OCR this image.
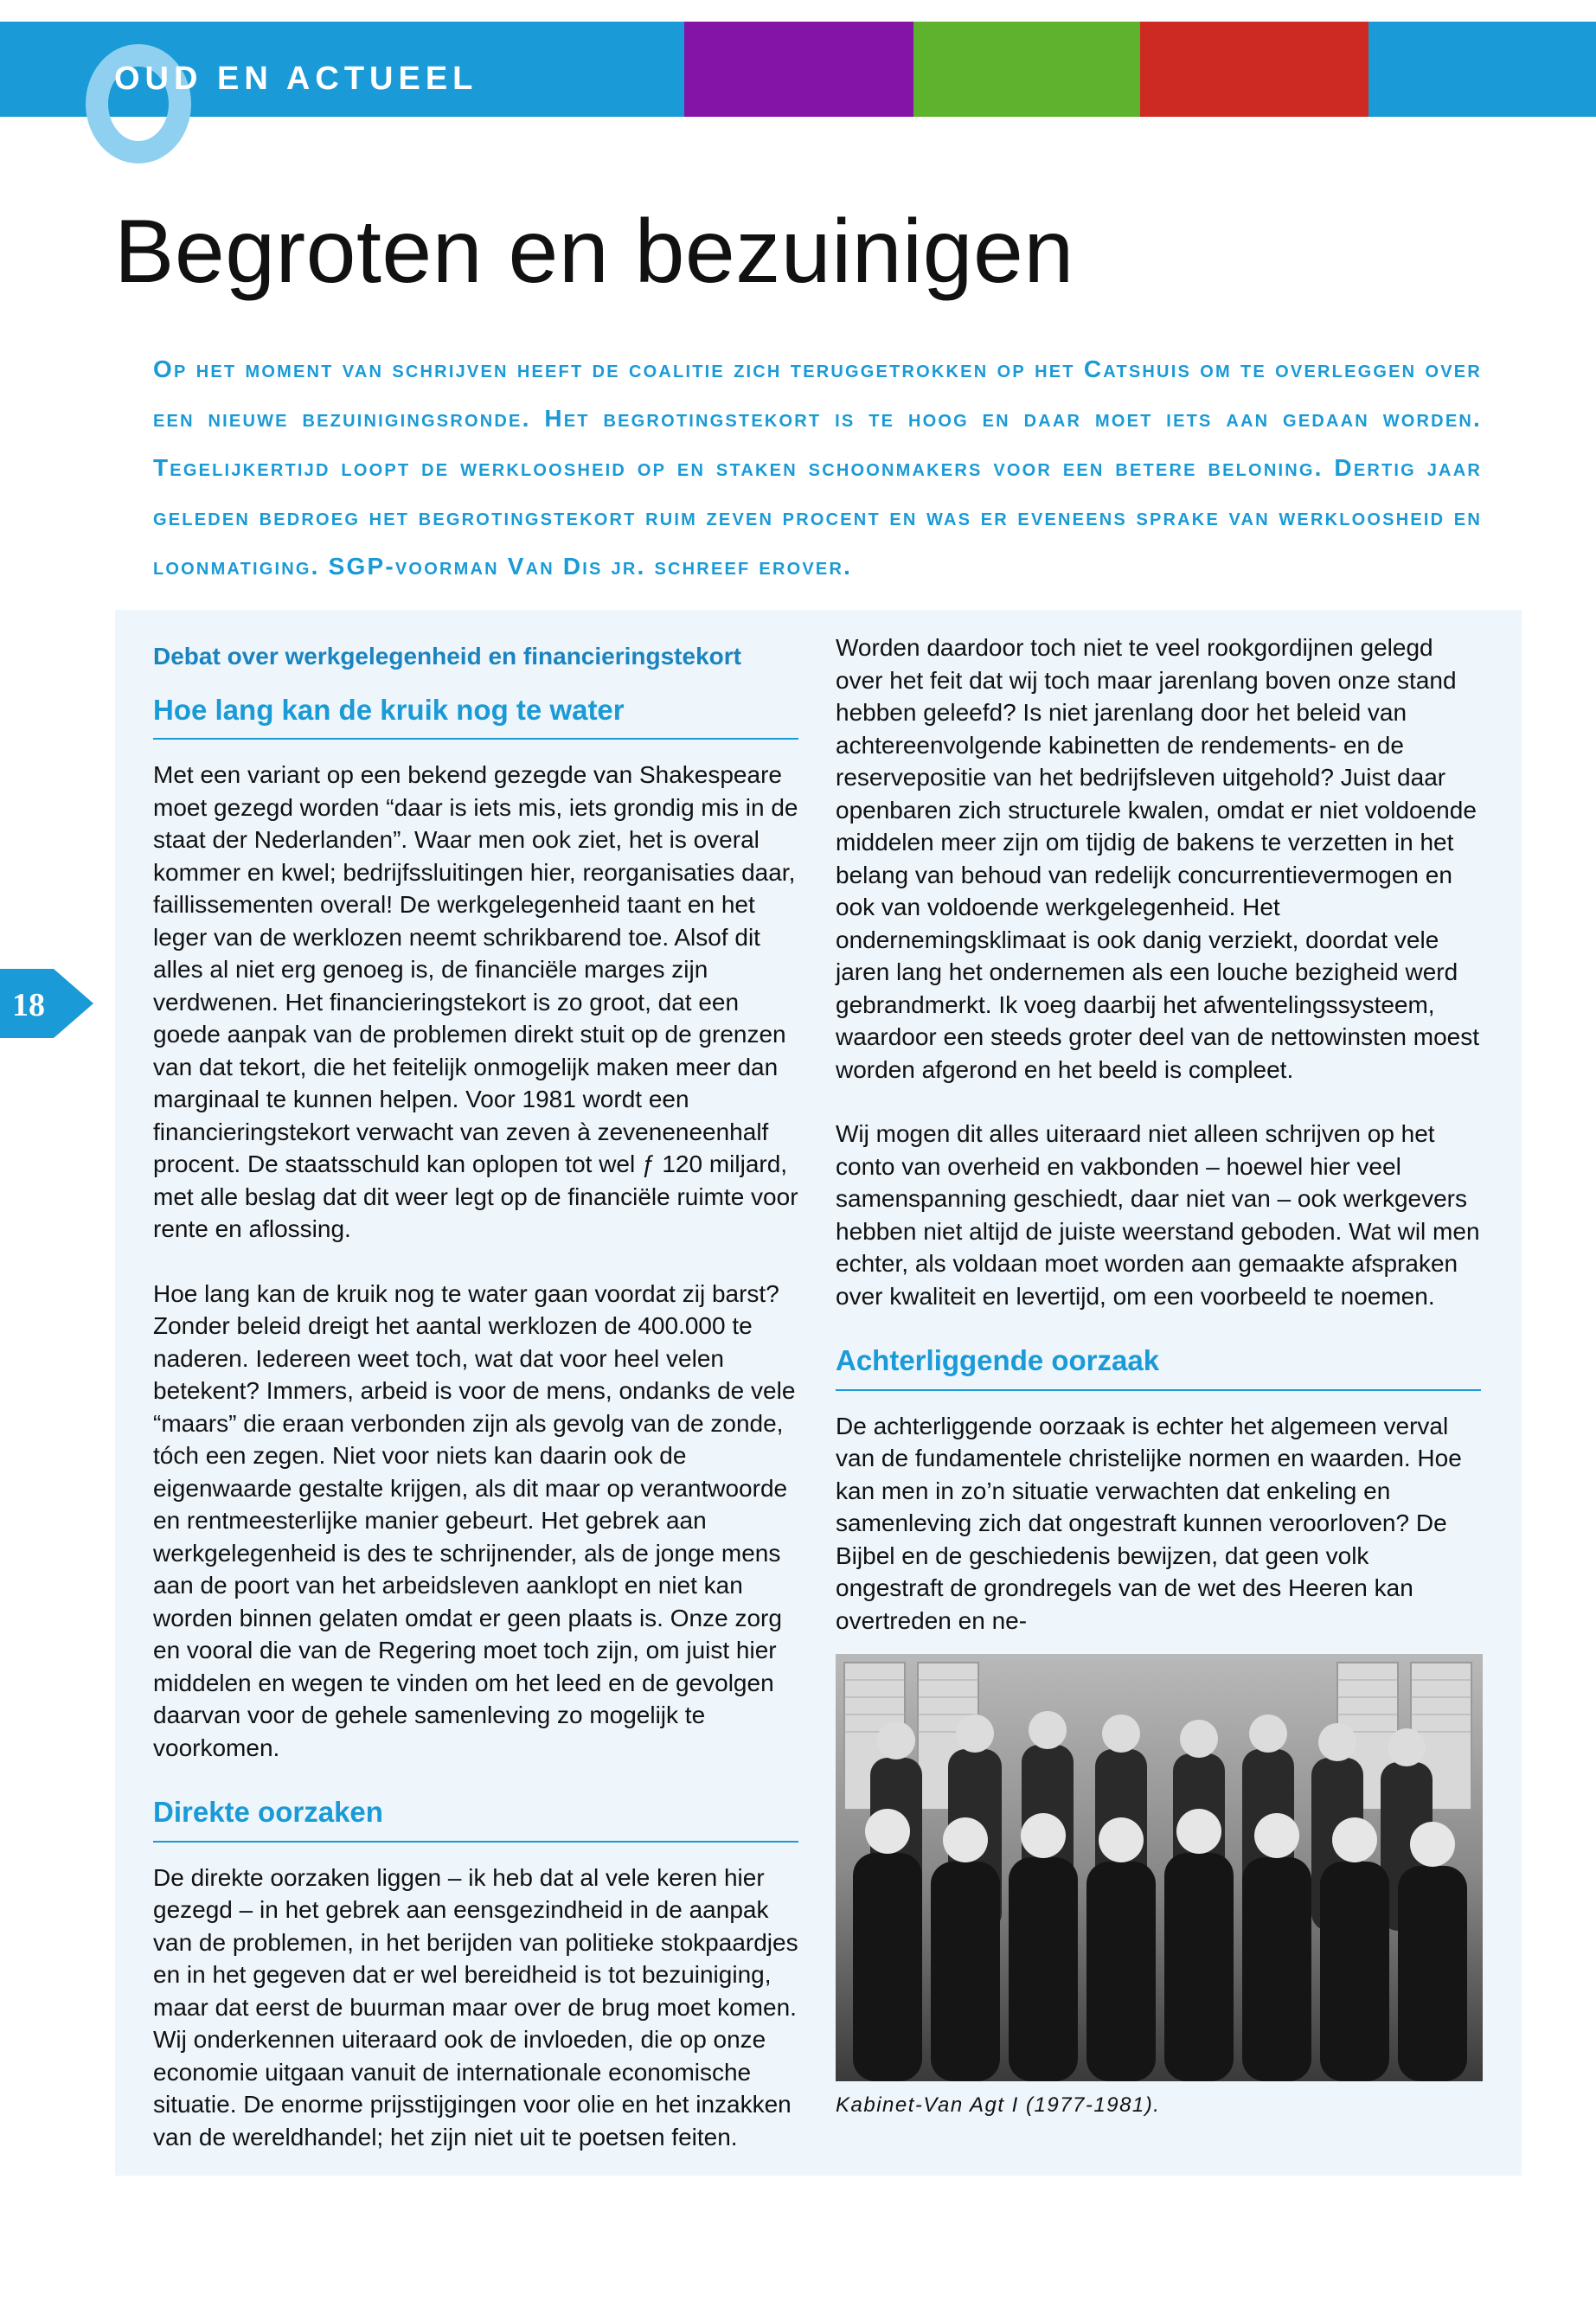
OUD EN ACTUEEL
Begroten en bezuinigen

Op het moment van schrijven heeft de coalitie zich teruggetrokken op het Catshuis om te overleggen over een nieuwe bezuinigingsronde. Het begrotingstekort is te hoog en daar moet iets aan gedaan worden. Tegelijkertijd loopt de werkloosheid op en staken schoonmakers voor een betere beloning. Dertig jaar geleden bedroeg het begrotingstekort ruim zeven procent en was er eveneens sprake van werkloosheid en loonmatiging. SGP-voorman Van Dis jr. schreef erover.

18
Debat over werkgelegenheid en financieringstekort
Hoe lang kan de kruik nog te water

Met een variant op een bekend gezegde van Shakespeare moet gezegd worden “daar is iets mis, iets grondig mis in de staat der Nederlanden”. Waar men ook ziet, het is overal kommer en kwel; bedrijfssluitingen hier, reorganisaties daar, faillissementen overal! De werkgelegenheid taant en het leger van de werklozen neemt schrikbarend toe. Alsof dit alles al niet erg genoeg is, de financiële marges zijn verdwenen. Het financieringstekort is zo groot, dat een goede aanpak van de problemen direkt stuit op de grenzen van dat tekort, die het feitelijk onmogelijk maken meer dan marginaal te kunnen helpen. Voor 1981 wordt een financieringstekort verwacht van zeven à zeveneneenhalf procent. De staatsschuld kan oplopen tot wel ƒ 120 miljard, met alle beslag dat dit weer legt op de financiële ruimte voor rente en aflossing.

Hoe lang kan de kruik nog te water gaan voordat zij barst? Zonder beleid dreigt het aantal werklozen de 400.000 te naderen. Iedereen weet toch, wat dat voor heel velen betekent? Immers, arbeid is voor de mens, ondanks de vele “maars” die eraan verbonden zijn als gevolg van de zonde, tóch een zegen. Niet voor niets kan daarin ook de eigenwaarde gestalte krijgen, als dit maar op verantwoorde en rentmeesterlijke manier gebeurt. Het gebrek aan werkgelegenheid is des te schrijnender, als de jonge mens aan de poort van het arbeidsleven aanklopt en niet kan worden binnen gelaten omdat er geen plaats is. Onze zorg en vooral die van de Regering moet toch zijn, om juist hier middelen en wegen te vinden om het leed en de gevolgen daarvan voor de gehele samenleving zo mogelijk te voorkomen.

Direkte oorzaken

De direkte oorzaken liggen – ik heb dat al vele keren hier gezegd – in het gebrek aan eensgezindheid in de aanpak van de problemen, in het berijden van politieke stokpaardjes en in het gegeven dat er wel bereidheid is tot bezuiniging, maar dat eerst de buurman maar over de brug moet komen. Wij onderkennen uiteraard ook de invloeden, die op onze economie uitgaan vanuit de internationale economische situatie. De enorme prijsstijgingen voor olie en het inzakken van de wereldhandel; het zijn niet uit te poetsen feiten.

Worden daardoor toch niet te veel rookgordijnen gelegd over het feit dat wij toch maar jarenlang boven onze stand hebben geleefd? Is niet jarenlang door het beleid van achtereenvolgende kabinetten de rendements- en de reservepositie van het bedrijfsleven uitgehold? Juist daar openbaren zich structurele kwalen, omdat er niet voldoende middelen meer zijn om tijdig de bakens te verzetten in het belang van behoud van redelijk concurrentievermogen en ook van voldoende werkgelegenheid. Het ondernemingsklimaat is ook danig verziekt, doordat vele jaren lang het ondernemen als een louche bezigheid werd gebrandmerkt. Ik voeg daarbij het afwentelingssysteem, waardoor een steeds groter deel van de nettowinsten moest worden afgerond en het beeld is compleet.

Wij mogen dit alles uiteraard niet alleen schrijven op het conto van overheid en vakbonden – hoewel hier veel samenspanning geschiedt, daar niet van – ook werkgevers hebben niet altijd de juiste weerstand geboden. Wat wil men echter, als voldaan moet worden aan gemaakte afspraken over kwaliteit en levertijd, om een voorbeeld te noemen.

Achterliggende oorzaak

De achterliggende oorzaak is echter het algemeen verval van de fundamentele christelijke normen en waarden. Hoe kan men in zo’n situatie verwachten dat enkeling en samenleving zich dat ongestraft kunnen veroorloven? De Bijbel en de geschiedenis bewijzen, dat geen volk ongestraft de grondregels van de wet des Heeren kan overtreden en ne-

Kabinet-Van Agt I (1977-1981).
